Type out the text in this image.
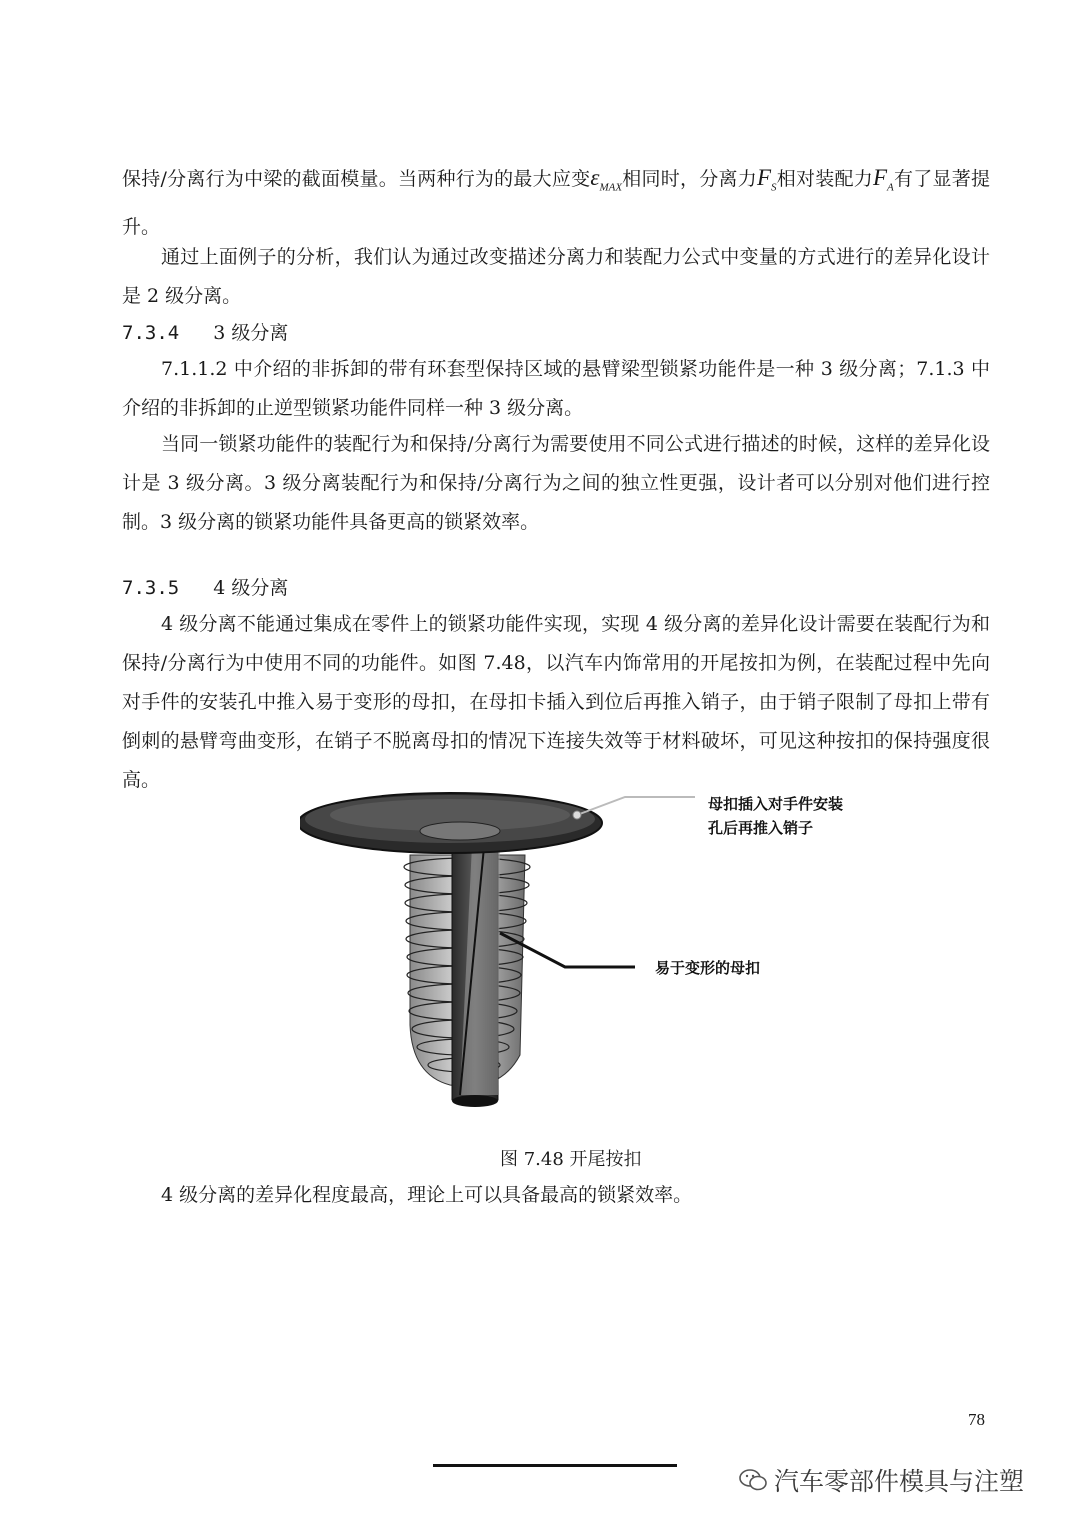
保持/分离行为中梁的截面模量。当两种行为的最大应变$\varepsilon_{MAX}$相同时，分离力$F_S$相对装配力$F_A$有了显著提升。

通过上面例子的分析，我们认为通过改变描述分离力和装配力公式中变量的方式进行的差异化设计是 2 级分离。

7.3.4 3 级分离

7.1.1.2 中介绍的非拆卸的带有环套型保持区域的悬臂梁型锁紧功能件是一种 3 级分离；7.1.3 中介绍的非拆卸的止逆型锁紧功能件同样一种 3 级分离。

当同一锁紧功能件的装配行为和保持/分离行为需要使用不同公式进行描述的时候，这样的差异化设计是 3 级分离。3 级分离装配行为和保持/分离行为之间的独立性更强，设计者可以分别对他们进行控制。3 级分离的锁紧功能件具备更高的锁紧效率。

7.3.5 4 级分离

4 级分离不能通过集成在零件上的锁紧功能件实现，实现 4 级分离的差异化设计需要在装配行为和保持/分离行为中使用不同的功能件。如图 7.48，以汽车内饰常用的开尾按扣为例，在装配过程中先向对手件的安装孔中推入易于变形的母扣，在母扣卡插入到位后再推入销子，由于销子限制了母扣上带有倒刺的悬臂弯曲变形，在销子不脱离母扣的情况下连接失效等于材料破坏，可见这种按扣的保持强度很高。

母扣插入对手件安装
孔后再推入销子
易于变形的母扣
图 7.48 开尾按扣

4 级分离的差异化程度最高，理论上可以具备最高的锁紧效率。

78
汽车零部件模具与注塑
